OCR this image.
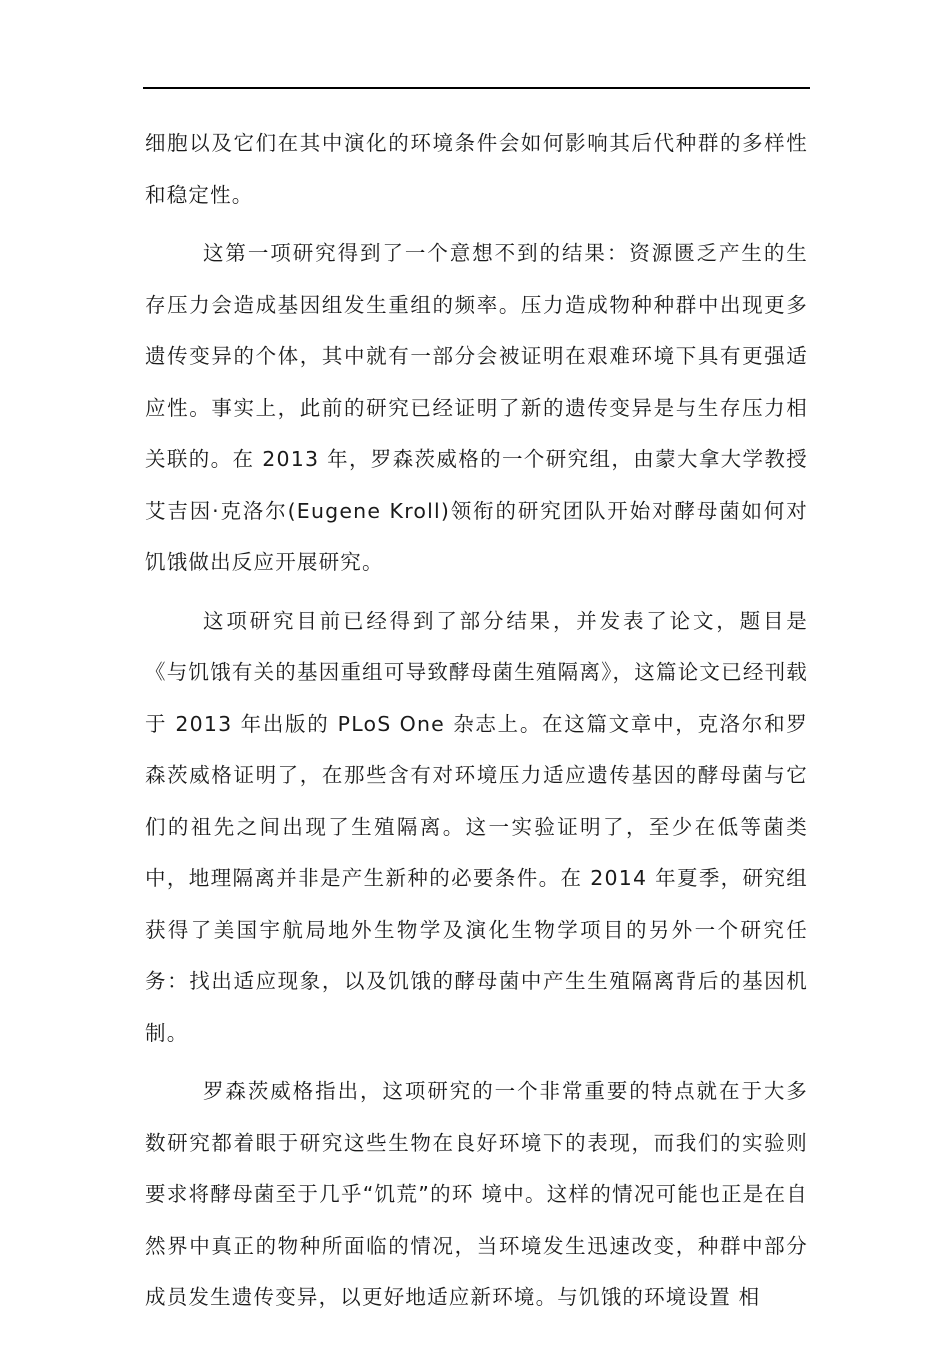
细胞以及它们在其中演化的环境条件会如何影响其后代种群的多样性和稳定性。

这第一项研究得到了一个意想不到的结果：资源匮乏产生的生存压力会造成基因组发生重组的频率。压力造成物种种群中出现更多遗传变异的个体，其中就有一部分会被证明在艰难环境下具有更强适应性。事实上，此前的研究已经证明了新的遗传变异是与生存压力相关联的。在 2013 年，罗森茨威格的一个研究组，由蒙大拿大学教授艾吉因·克洛尔(Eugene Kroll)领衔的研究团队开始对酵母菌如何对饥饿做出反应开展研究。

这项研究目前已经得到了部分结果，并发表了论文，题目是《与饥饿有关的基因重组可导致酵母菌生殖隔离》，这篇论文已经刊载于 2013 年出版的 PLoS One 杂志上。在这篇文章中，克洛尔和罗森茨威格证明了，在那些含有对环境压力适应遗传基因的酵母菌与它们的祖先之间出现了生殖隔离。这一实验证明了，至少在低等菌类中，地理隔离并非是产生新种的必要条件。在 2014 年夏季，研究组获得了美国宇航局地外生物学及演化生物学项目的另外一个研究任务：找出适应现象，以及饥饿的酵母菌中产生生殖隔离背后的基因机制。

罗森茨威格指出，这项研究的一个非常重要的特点就在于大多数研究都着眼于研究这些生物在良好环境下的表现，而我们的实验则要求将酵母菌至于几乎“饥荒”的环 境中。这样的情况可能也正是在自然界中真正的物种所面临的情况，当环境发生迅速改变，种群中部分成员发生遗传变异，以更好地适应新环境。与饥饿的环境设置 相
